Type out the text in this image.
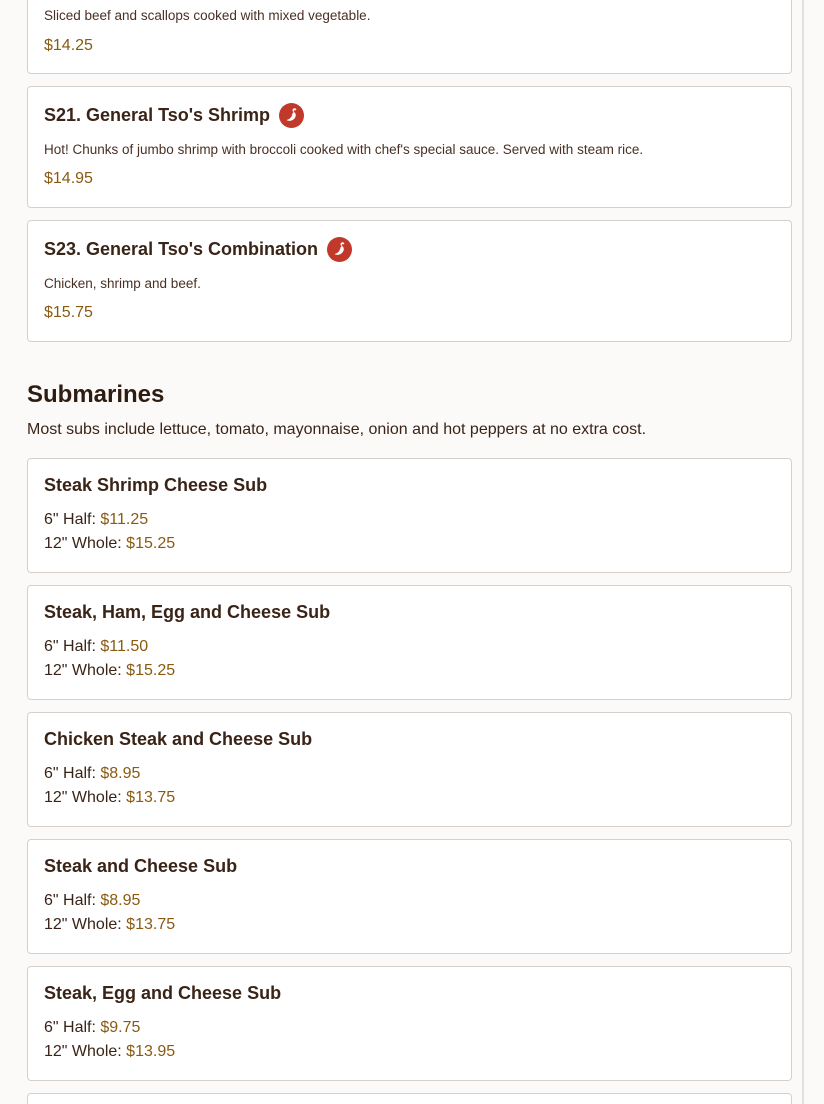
Sliced beef and scallops cooked with mixed vegetable.
$14.25
S21. General Tso's Shrimp
Hot! Chunks of jumbo shrimp with broccoli cooked with chef's special sauce. Served with steam rice.
$14.95
S23. General Tso's Combination
Chicken, shrimp and beef.
$15.75
Submarines
Most subs include lettuce, tomato, mayonnaise, onion and hot peppers at no extra cost.
Steak Shrimp Cheese Sub
6" Half: $11.25
12" Whole: $15.25
Steak, Ham, Egg and Cheese Sub
6" Half: $11.50
12" Whole: $15.25
Chicken Steak and Cheese Sub
6" Half: $8.95
12" Whole: $13.75
Steak and Cheese Sub
6" Half: $8.95
12" Whole: $13.75
Steak, Egg and Cheese Sub
6" Half: $9.75
12" Whole: $13.95
